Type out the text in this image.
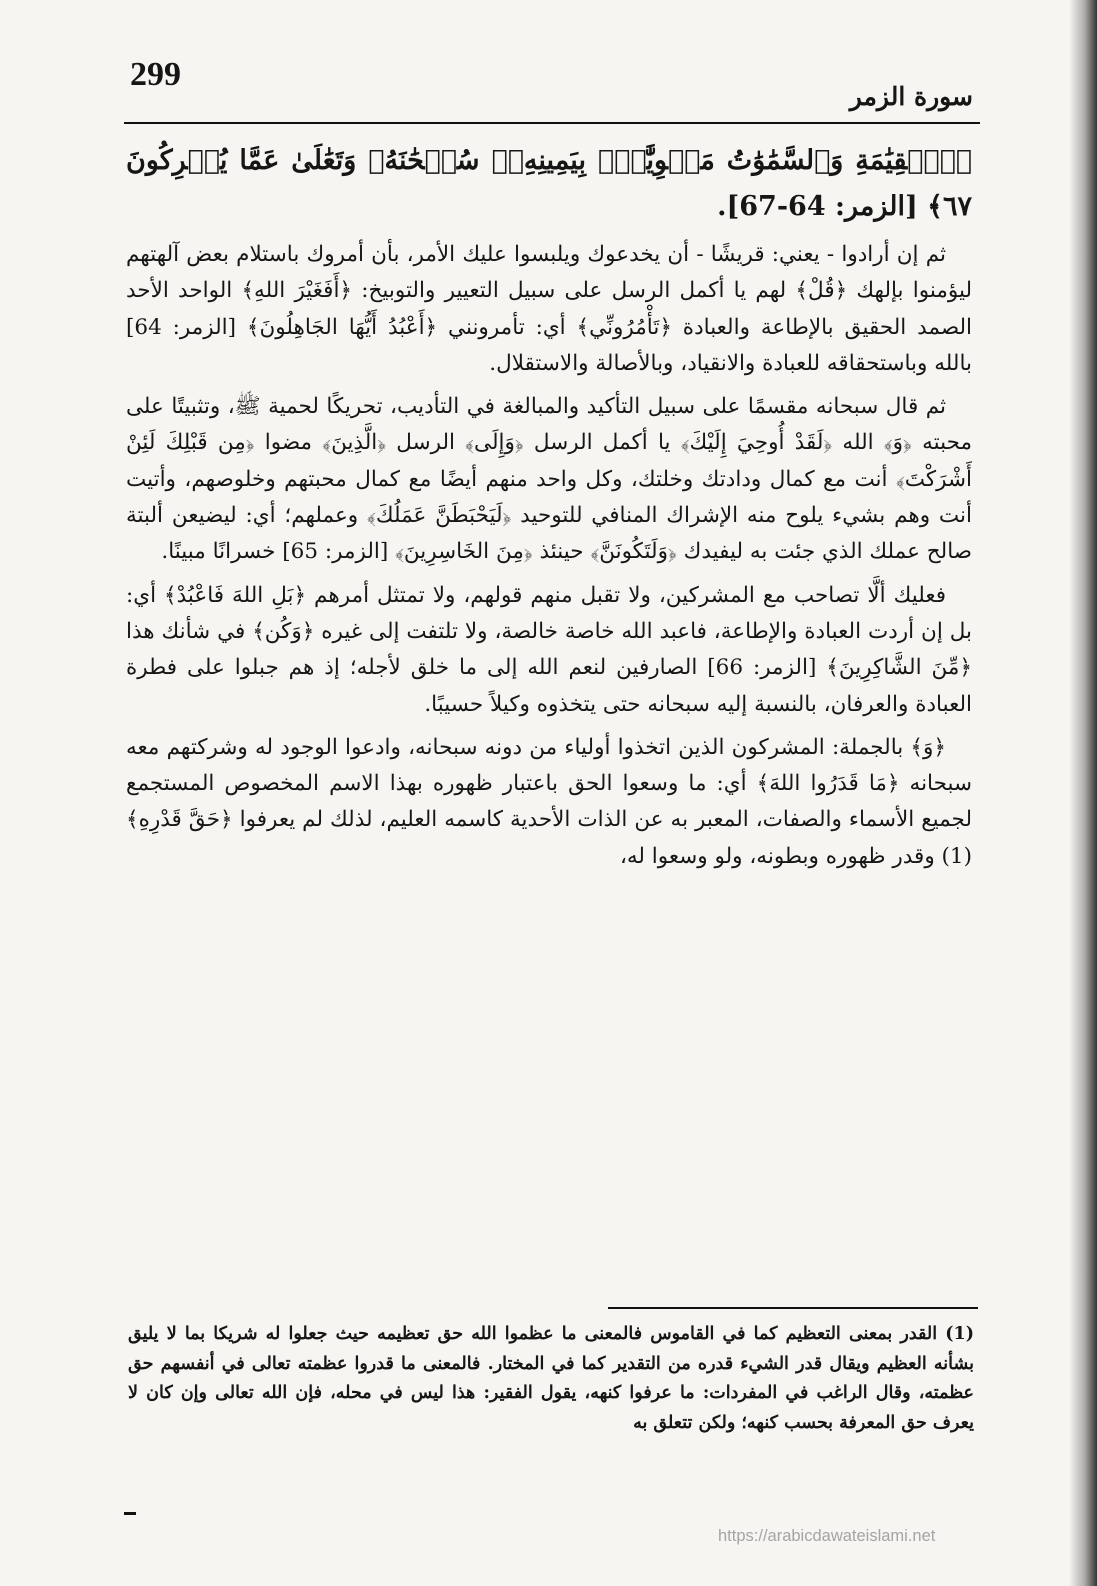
299
سورة الزمر

﴿ٱلۡقِيَٰمَةِ وَٱلسَّمَٰوَٰتُ مَطۡوِيَّٰتُۢ بِيَمِينِهِۦۚ سُبۡحَٰنَهُۥ وَتَعَٰلَىٰ عَمَّا يُشۡرِكُونَ ٦٧﴾ [الزمر: 64-67].

ثم إن أرادوا - يعني: قريشًا - أن يخدعوك ويلبسوا عليك الأمر، بأن أمروك باستلام بعض آلهتهم ليؤمنوا بإلهك ﴿قُلْ﴾ لهم يا أكمل الرسل على سبيل التعيير والتوبيخ: ﴿أَفَغَيْرَ اللهِ﴾ الواحد الأحد الصمد الحقيق بالإطاعة والعبادة ﴿تَأْمُرُونِّي﴾ أي: تأمرونني ﴿أَعْبُدُ أَيُّهَا الجَاهِلُونَ﴾ [الزمر: 64] بالله وباستحقاقه للعبادة والانقياد، وبالأصالة والاستقلال.

ثم قال سبحانه مقسمًا على سبيل التأكيد والمبالغة في التأديب، تحريكًا لحمية ﷺ، وتثبيتًا على محبته ﴿وَ﴾ الله ﴿لَقَدْ أُوحِيَ إِلَيْكَ﴾ يا أكمل الرسل ﴿وَإِلَى﴾ الرسل ﴿الَّذِينَ﴾ مضوا ﴿مِن قَبْلِكَ لَئِنْ أَشْرَكْتَ﴾ أنت مع كمال ودادتك وخلتك، وكل واحد منهم أيضًا مع كمال محبتهم وخلوصهم، وأتيت أنت وهم بشيء يلوح منه الإشراك المنافي للتوحيد ﴿لَيَحْبَطَنَّ عَمَلُكَ﴾ وعملهم؛ أي: ليضيعن ألبتة صالح عملك الذي جئت به ليفيدك ﴿وَلَتَكُونَنَّ﴾ حينئذ ﴿مِنَ الخَاسِرِينَ﴾ [الزمر: 65] خسرانًا مبينًا.

فعليك ألَّا تصاحب مع المشركين، ولا تقبل منهم قولهم، ولا تمتثل أمرهم ﴿بَلِ اللهَ فَاعْبُدْ﴾ أي: بل إن أردت العبادة والإطاعة، فاعبد الله خاصة خالصة، ولا تلتفت إلى غيره ﴿وَكُن﴾ في شأنك هذا ﴿مِّنَ الشَّاكِرِينَ﴾ [الزمر: 66] الصارفين لنعم الله إلى ما خلق لأجله؛ إذ هم جبلوا على فطرة العبادة والعرفان، بالنسبة إليه سبحانه حتى يتخذوه وكيلاً حسيبًا.

﴿وَ﴾ بالجملة: المشركون الذين اتخذوا أولياء من دونه سبحانه، وادعوا الوجود له وشركتهم معه سبحانه ﴿مَا قَدَرُوا اللهَ﴾ أي: ما وسعوا الحق باعتبار ظهوره بهذا الاسم المخصوص المستجمع لجميع الأسماء والصفات، المعبر به عن الذات الأحدية كاسمه العليم، لذلك لم يعرفوا ﴿حَقَّ قَدْرِهِ﴾(1) وقدر ظهوره وبطونه، ولو وسعوا له،

(1) القدر بمعنى التعظيم كما في القاموس فالمعنى ما عظموا الله حق تعظيمه حيث جعلوا له شريكا بما لا يليق بشأنه العظيم ويقال قدر الشيء قدره من التقدير كما في المختار. فالمعنى ما قدروا عظمته تعالى في أنفسهم حق عظمته، وقال الراغب في المفردات: ما عرفوا كنهه، يقول الفقير: هذا ليس في محله، فإن الله تعالى وإن كان لا يعرف حق المعرفة بحسب كنهه؛ ولكن تتعلق به

https://arabicdawateislami.net
